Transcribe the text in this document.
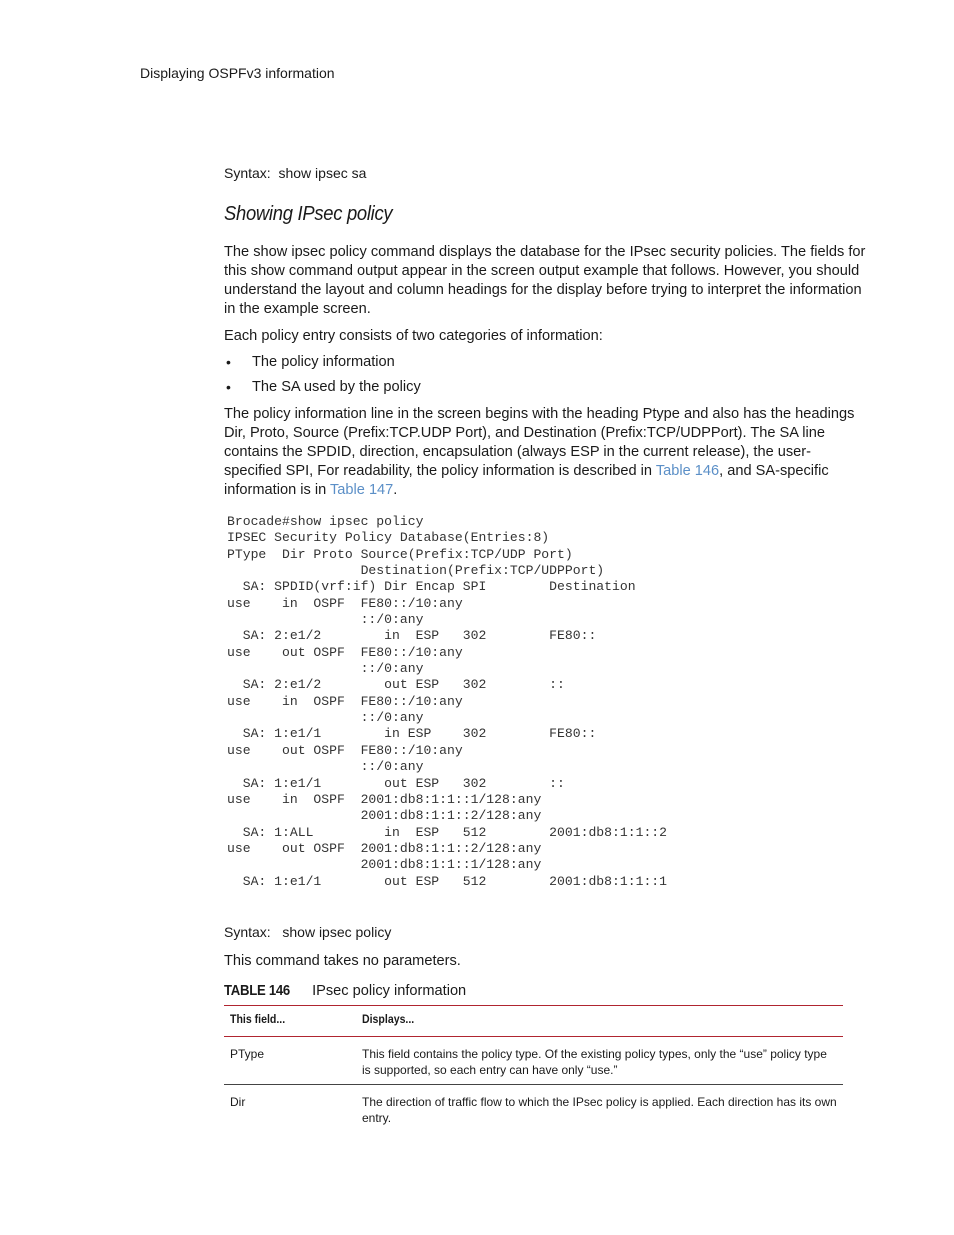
Displaying OSPFv3 information

Syntax: show ipsec sa

Showing IPsec policy

The show ipsec policy command displays the database for the IPsec security policies. The fields for this show command output appear in the screen output example that follows. However, you should understand the layout and column headings for the display before trying to interpret the information in the example screen.

Each policy entry consists of two categories of information:

• The policy information
• The SA used by the policy

The policy information line in the screen begins with the heading Ptype and also has the headings Dir, Proto, Source (Prefix:TCP.UDP Port), and Destination (Prefix:TCP/UDPPort). The SA line contains the SPDID, direction, encapsulation (always ESP in the current release), the user-specified SPI, For readability, the policy information is described in Table 146, and SA-specific information is in Table 147.

Brocade#show ipsec policy
IPSEC Security Policy Database(Entries:8)
PType  Dir Proto Source(Prefix:TCP/UDP Port)
Destination(Prefix:TCP/UDPPort)
SA: SPDID(vrf:if) Dir Encap SPI        Destination
use    in  OSPF  FE80::/10:any
::/0:any
SA: 2:e1/2        in  ESP   302        FE80::
use    out OSPF  FE80::/10:any
::/0:any
SA: 2:e1/2        out ESP   302        ::
use    in  OSPF  FE80::/10:any
::/0:any
SA: 1:e1/1        in ESP    302        FE80::
use    out OSPF  FE80::/10:any
::/0:any
SA: 1:e1/1        out ESP   302        ::
use    in  OSPF  2001:db8:1:1::1/128:any
2001:db8:1:1::2/128:any
SA: 1:ALL         in  ESP   512        2001:db8:1:1::2
use    out OSPF  2001:db8:1:1::2/128:any
2001:db8:1:1::1/128:any
SA: 1:e1/1        out ESP   512        2001:db8:1:1::1

Syntax: show ipsec policy

This command takes no parameters.

TABLE 146 IPsec policy information
This field...	Displays...
PType	This field contains the policy type. Of the existing policy types, only the “use” policy type is supported, so each entry can have only “use.”
Dir	The direction of traffic flow to which the IPsec policy is applied. Each direction has its own entry.
